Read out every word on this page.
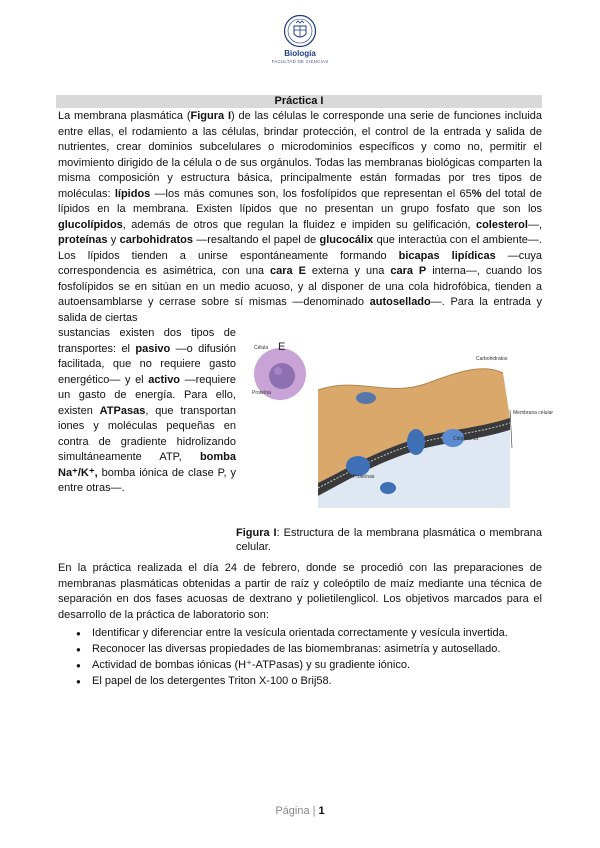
Biología
FACULTAD DE CIENCIAS
Práctica I
La membrana plasmática (Figura I) de las células le corresponde una serie de funciones incluida entre ellas, el rodamiento a las células, brindar protección, el control de la entrada y salida de nutrientes, crear dominios subcelulares o microdominios específicos y como no, permitir el movimiento dirigido de la célula o de sus orgánulos. Todas las membranas biológicas comparten la misma composición y estructura básica, principalmente están formadas por tres tipos de moléculas: lípidos —los más comunes son, los fosfolípidos que representan el 65% del total de lípidos en la membrana. Existen lípidos que no presentan un grupo fosfato que son los glucolípidos, además de otros que regulan la fluidez e impiden su gelificación, colesterol—, proteínas y carbohidratos —resaltando el papel de glucocálix que interactúa con el ambiente—. Los lípidos tienden a unirse espontáneamente formando bicapas lipídicas —cuya correspondencia es asimétrica, con una cara E externa y una cara P interna—, cuando los fosfolípidos se en sitúan en un medio acuoso, y al disponer de una cola hidrofóbica, tienden a autoensamblarse y cerrase sobre sí mismas —denominado autosellado—. Para la entrada y salida de ciertas
sustancias existen dos tipos de transportes: el pasivo —o difusión facilitada, que no requiere gasto energético— y el activo —requiere un gasto de energía. Para ello, existen ATPasas, que transportan iones y moléculas pequeñas en contra de gradiente hidrolizando simultáneamente ATP, bomba Na⁺/K⁺, bomba iónica de clase P, y entre otras—.
E
Célula
Proteína
Carbohidratos
Membrana celular
Citoplasma
Proteínas
Figura I: Estructura de la membrana plasmática o membrana celular.
En la práctica realizada el día 24 de febrero, donde se procedió con las preparaciones de membranas plasmáticas obtenidas a partir de raíz y coleóptilo de maíz mediante una técnica de separación en dos fases acuosas de dextrano y polietilenglicol. Los objetivos marcados para el desarrollo de la práctica de laboratorio son:
● Identificar y diferenciar entre la vesícula orientada correctamente y vesícula invertida.
● Reconocer las diversas propiedades de las biomembranas: asimetría y autosellado.
● Actividad de bombas iónicas (H⁺-ATPasas) y su gradiente iónico.
● El papel de los detergentes Triton X-100 o Brij58.
Página | 1
